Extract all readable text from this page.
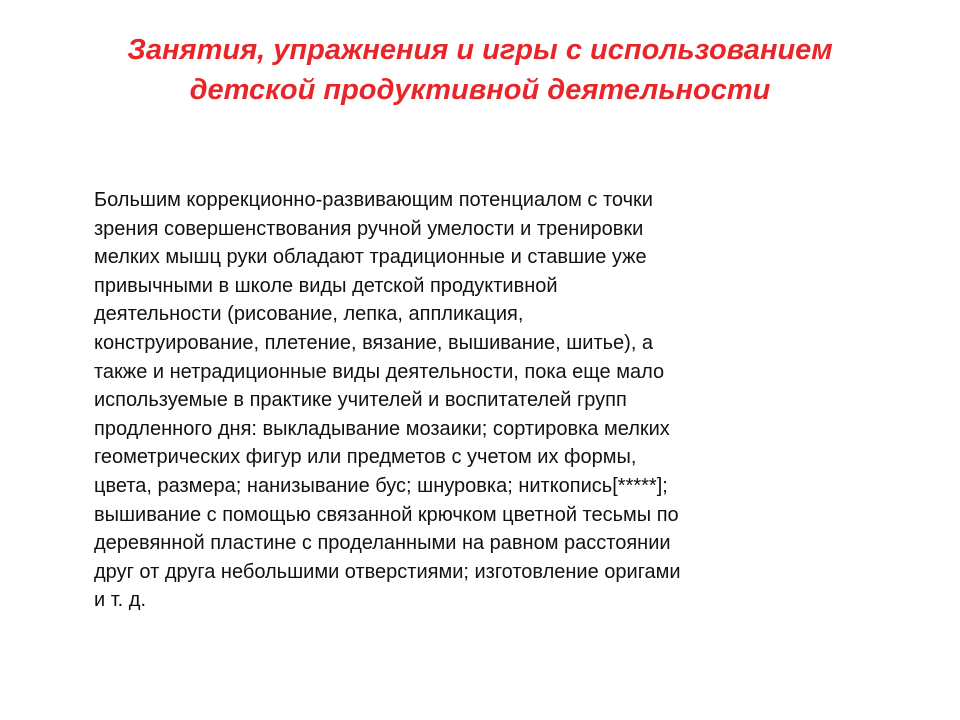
Занятия, упражнения и игры с использованием
детской продуктивной деятельности
Большим коррекционно-развивающим потенциалом с точки
зрения совершенствования ручной умелости и тренировки
мелких мышц руки обладают традиционные и ставшие уже
привычными в школе виды детской продуктивной
деятельности (рисование, лепка, аппликация,
конструирование, плетение, вязание, вышивание, шитье), а
также и нетрадиционные виды деятельности, пока еще мало
используемые в практике учителей и воспитателей групп
продленного дня: выкладывание мозаики; сортировка мелких
геометрических фигур или предметов с учетом их формы,
цвета, размера; нанизывание бус; шнуровка; ниткопись[*****];
вышивание с помощью связанной крючком цветной тесьмы по
деревянной пластине с проделанными на равном расстоянии
друг от друга небольшими отверстиями; изготовление оригами
и т. д.
